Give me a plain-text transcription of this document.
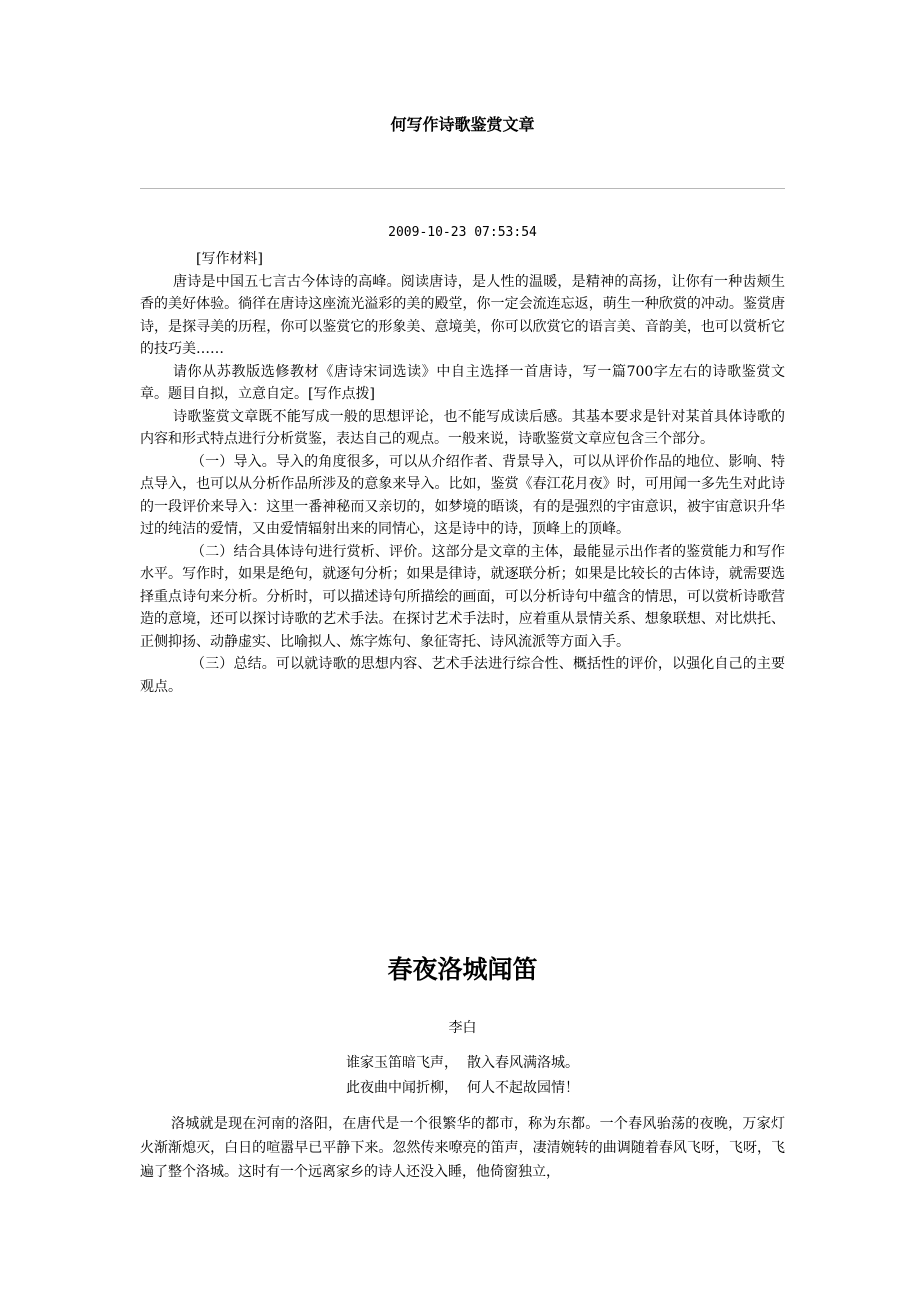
何写作诗歌鉴赏文章
2009-10-23 07:53:54

[写作材料]

唐诗是中国五七言古今体诗的高峰。阅读唐诗，是人性的温暖，是精神的高扬，让你有一种齿颊生香的美好体验。徜徉在唐诗这座流光溢彩的美的殿堂，你一定会流连忘返，萌生一种欣赏的冲动。鉴赏唐诗，是探寻美的历程，你可以鉴赏它的形象美、意境美，你可以欣赏它的语言美、音韵美，也可以赏析它的技巧美……

请你从苏教版选修教材《唐诗宋词选读》中自主选择一首唐诗，写一篇700字左右的诗歌鉴赏文章。题目自拟，立意自定。[写作点拨]

诗歌鉴赏文章既不能写成一般的思想评论，也不能写成读后感。其基本要求是针对某首具体诗歌的内容和形式特点进行分析赏鉴，表达自己的观点。一般来说，诗歌鉴赏文章应包含三个部分。

（一）导入。导入的角度很多，可以从介绍作者、背景导入，可以从评价作品的地位、影响、特点导入，也可以从分析作品所涉及的意象来导入。比如，鉴赏《春江花月夜》时，可用闻一多先生对此诗的一段评价来导入：这里一番神秘而又亲切的，如梦境的晤谈，有的是强烈的宇宙意识，被宇宙意识升华过的纯洁的爱情，又由爱情辐射出来的同情心，这是诗中的诗，顶峰上的顶峰。

（二）结合具体诗句进行赏析、评价。这部分是文章的主体，最能显示出作者的鉴赏能力和写作水平。写作时，如果是绝句，就逐句分析；如果是律诗，就逐联分析；如果是比较长的古体诗，就需要选择重点诗句来分析。分析时，可以描述诗句所描绘的画面，可以分析诗句中蕴含的情思，可以赏析诗歌营造的意境，还可以探讨诗歌的艺术手法。在探讨艺术手法时，应着重从景情关系、想象联想、对比烘托、正侧抑扬、动静虚实、比喻拟人、炼字炼句、象征寄托、诗风流派等方面入手。

（三）总结。可以就诗歌的思想内容、艺术手法进行综合性、概括性的评价，以强化自己的主要观点。

春夜洛城闻笛
李白
谁家玉笛暗飞声，  散入春风满洛城。
此夜曲中闻折柳，  何人不起故园情！

洛城就是现在河南的洛阳，在唐代是一个很繁华的都市，称为东都。一个春风骀荡的夜晚，万家灯火渐渐熄灭，白日的喧嚣早已平静下来。忽然传来嘹亮的笛声，凄清婉转的曲调随着春风飞呀，飞呀，飞遍了整个洛城。这时有一个远离家乡的诗人还没入睡，他倚窗独立，
